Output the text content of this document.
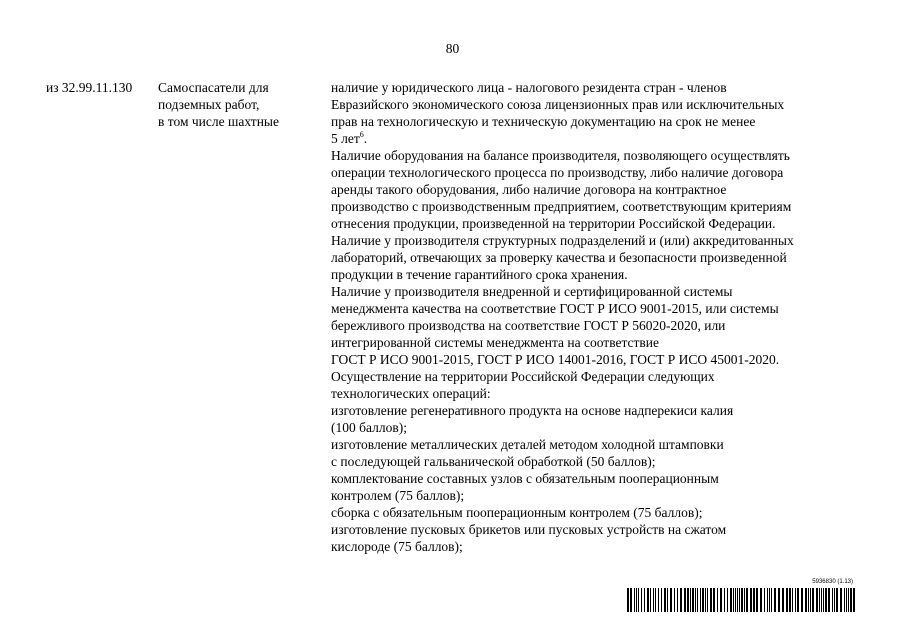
80
из 32.99.11.130	Самоспасатели для
подземных работ,
в том числе шахтные
наличие у юридического лица - налогового резидента стран - членов
Евразийского экономического союза лицензионных прав или исключительных
прав на технологическую и техническую документацию на срок не менее
5 лет$^6$.
Наличие оборудования на балансе производителя, позволяющего осуществлять
операции технологического процесса по производству, либо наличие договора
аренды такого оборудования, либо наличие договора на контрактное
производство с производственным предприятием, соответствующим критериям
отнесения продукции, произведенной на территории Российской Федерации.
Наличие у производителя структурных подразделений и (или) аккредитованных
лабораторий, отвечающих за проверку качества и безопасности произведенной
продукции в течение гарантийного срока хранения.
Наличие у производителя внедренной и сертифицированной системы
менеджмента качества на соответствие ГОСТ Р ИСО 9001-2015, или системы
бережливого производства на соответствие ГОСТ Р 56020-2020, или
интегрированной системы менеджмента на соответствие
ГОСТ Р ИСО 9001-2015, ГОСТ Р ИСО 14001-2016, ГОСТ Р ИСО 45001-2020.
Осуществление на территории Российской Федерации следующих
технологических операций:
изготовление регенеративного продукта на основе надперекиси калия
(100 баллов);
изготовление металлических деталей методом холодной штамповки
с последующей гальванической обработкой (50 баллов);
комплектование составных узлов с обязательным пооперационным
контролем (75 баллов);
сборка с обязательным пооперационным контролем (75 баллов);
изготовление пусковых брикетов или пусковых устройств на сжатом
кислороде (75 баллов);
5936830 (1.13)
